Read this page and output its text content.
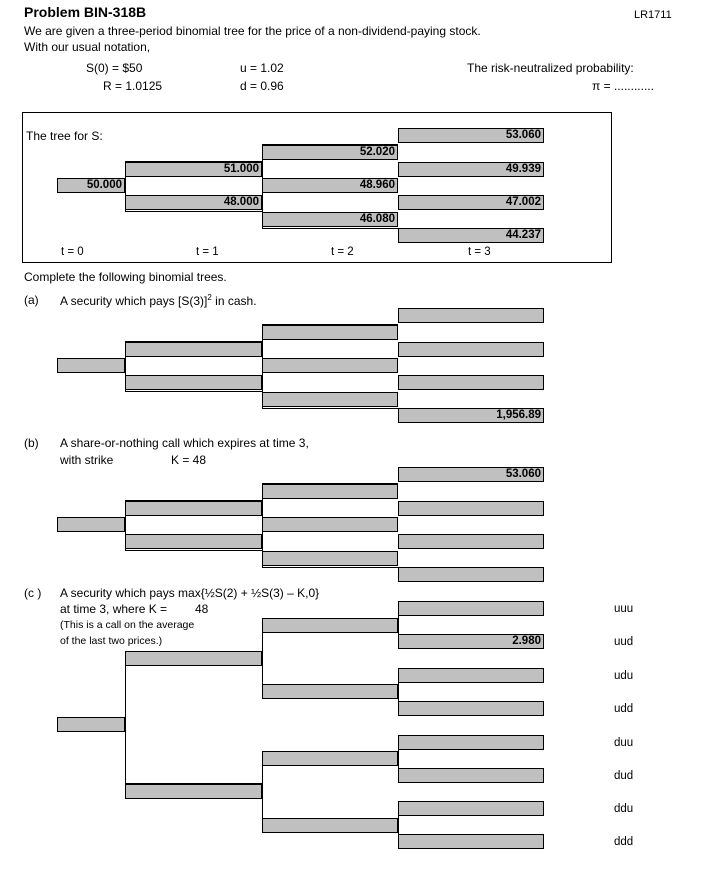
Problem BIN-318B	LR1711
We are given a three-period binomial tree for the price of a non-dividend-paying stock.
With our usual notation,
S(0) = $50
R = 1.0125
u = 1.02
d = 0.96
The risk-neutralized probability:
π = ............
The tree for S:
50.000
51.000
48.000
52.020
48.960
46.080
53.060
49.939
47.002
44.237
t = 0	t = 1	t = 2	t = 3
Complete the following binomial trees.
(a) A security which pays $[S(3)]^2$ in cash.
1,956.89
(b) A share-or-nothing call which expires at time 3,
with strike	K = 48
53.060
(c ) A security which pays max{½S(2) + ½S(3) – K,0}
at time 3, where K = 48
(This is a call on the average
of the last two prices.)	2.980
uuu
uud
udu
udd
duu
dud
ddu
ddd
